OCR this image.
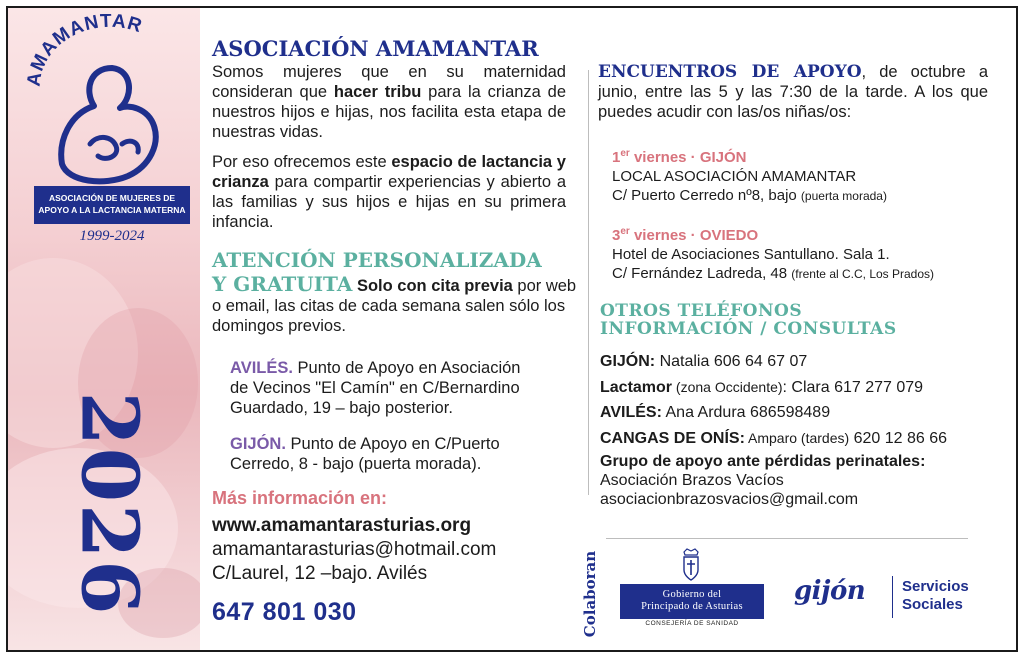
AMAMANTAR
ASOCIACIÓN DE MUJERES DE
APOYO A LA LACTANCIA MATERNA
1999-2024
2026
ASOCIACIÓN AMAMANTAR

Somos mujeres que en su maternidad consideran que hacer tribu para la crianza de nuestros hijos e hijas, nos facilita esta etapa de nuestras vidas.

Por eso ofrecemos este espacio de lactancia y crianza para compartir experiencias y abierto a las familias y sus hijos e hijas en su primera infancia.

ATENCIÓN PERSONALIZADA

Y GRATUITA Solo con cita previa por web o email, las citas de cada semana salen sólo los domingos previos.

AVILÉS. Punto de Apoyo en Asociación de Vecinos "El Camín" en C/Bernardino Guardado, 19 – bajo posterior.

GIJÓN. Punto de Apoyo en C/Puerto Cerredo, 8 - bajo (puerta morada).

Más información en:
www.amamantarasturias.org
amamantarasturias@hotmail.com
C/Laurel, 12 –bajo. Avilés
647 801 030

ENCUENTROS DE APOYO, de octubre a junio, entre las 5 y las 7:30 de la tarde. A los que puedes acudir con las/os niñas/os:

1er viernes · GIJÓN
LOCAL ASOCIACIÓN AMAMANTAR
C/ Puerto Cerredo nº8, bajo (puerta morada)
3er viernes · OVIEDO
Hotel de Asociaciones Santullano. Sala 1.
C/ Fernández Ladreda, 48 (frente al C.C, Los Prados)
OTROS TELÉFONOS
INFORMACIÓN / CONSULTAS
GIJÓN: Natalia 606 64 67 07
Lactamor (zona Occidente): Clara 617 277 079
AVILÉS: Ana Ardura 686598489
CANGAS DE ONÍS: Amparo (tardes) 620 12 86 66
Grupo de apoyo ante pérdidas perinatales:
Asociación Brazos Vacíos
asociacionbrazosvacios@gmail.com
Colaboran	Gobierno del
Principado de Asturias
CONSEJERÍA DE SANIDAD
gijón Servicios
Sociales
